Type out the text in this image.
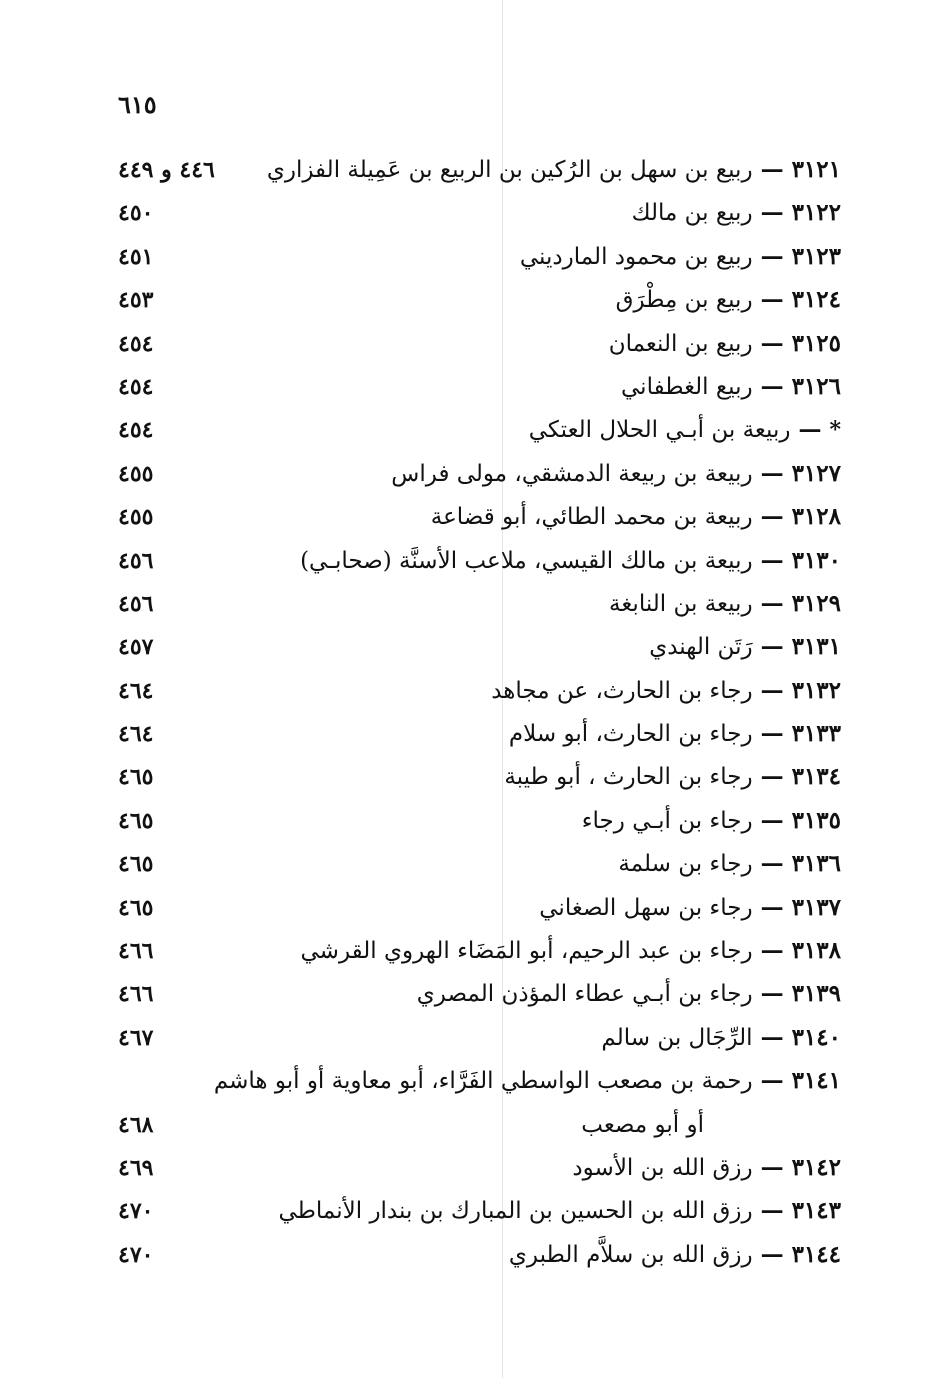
٦١٥
٣١٢١—ربيع بن سهل بن الرُكين بن الربيع بن عَمِيلة الفزاري
٤٤٦ و ٤٤٩
٣١٢٢—ربيع بن مالك
٤٥٠
٣١٢٣—ربيع بن محمود المارديني
٤٥١
٣١٢٤—ربيع بن مِطْرَق
٤٥٣
٣١٢٥—ربيع بن النعمان
٤٥٤
٣١٢٦—ربيع الغطفاني
٤٥٤
*—ربيعة بن أبـي الحلال العتكي
٤٥٤
٣١٢٧—ربيعة بن ربيعة الدمشقي، مولى فراس
٤٥٥
٣١٢٨—ربيعة بن محمد الطائي، أبو قضاعة
٤٥٥
٣١٣٠—ربيعة بن مالك القيسي، ملاعب الأسنَّة (صحابـي)
٤٥٦
٣١٢٩—ربيعة بن النابغة
٤٥٦
٣١٣١—رَتَن الهندي
٤٥٧
٣١٣٢—رجاء بن الحارث، عن مجاهد
٤٦٤
٣١٣٣—رجاء بن الحارث، أبو سلام
٤٦٤
٣١٣٤—رجاء بن الحارث ، أبو طيبة
٤٦٥
٣١٣٥—رجاء بن أبـي رجاء
٤٦٥
٣١٣٦—رجاء بن سلمة
٤٦٥
٣١٣٧—رجاء بن سهل الصغاني
٤٦٥
٣١٣٨—رجاء بن عبد الرحيم، أبو المَضَاء الهروي القرشي
٤٦٦
٣١٣٩—رجاء بن أبـي عطاء المؤذن المصري
٤٦٦
٣١٤٠—الرِّجَال بن سالم
٤٦٧
٣١٤١—رحمة بن مصعب الواسطي الفَرَّاء، أبو معاوية أو أبو هاشم
أو أبو مصعب
٤٦٨
٣١٤٢—رزق الله بن الأسود
٤٦٩
٣١٤٣—رزق الله بن الحسين بن المبارك بن بندار الأنماطي
٤٧٠
٣١٤٤—رزق الله بن سلاَّم الطبري
٤٧٠
